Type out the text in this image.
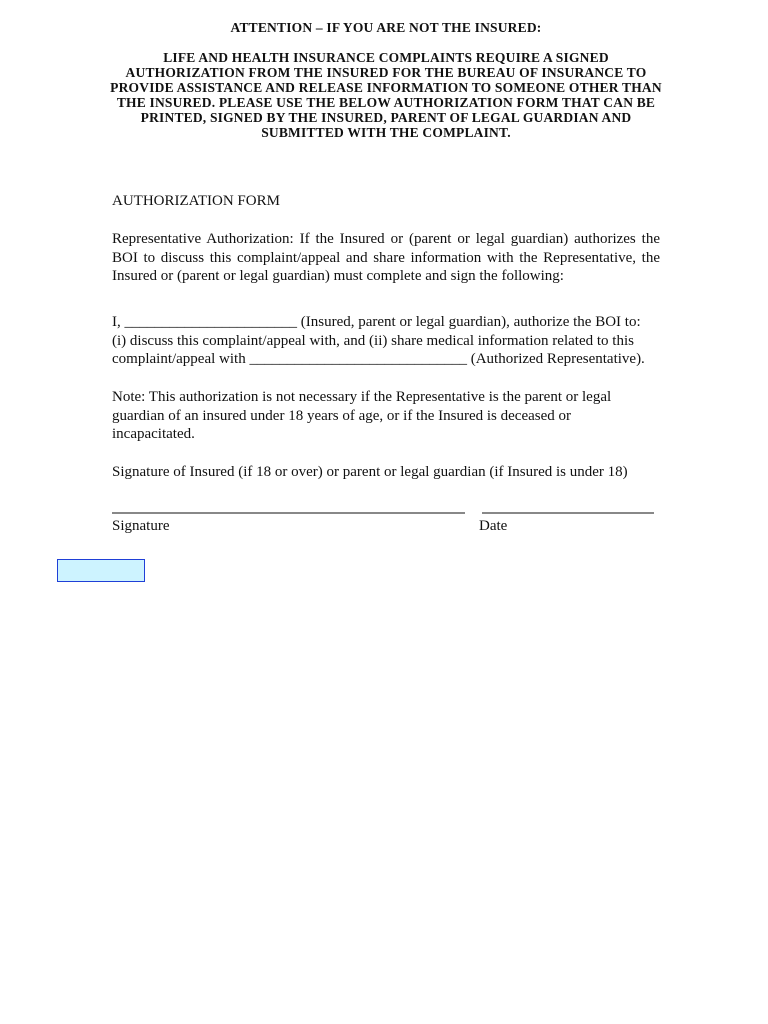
ATTENTION – IF YOU ARE NOT THE INSURED:
LIFE AND HEALTH INSURANCE COMPLAINTS REQUIRE A SIGNED
AUTHORIZATION FROM THE INSURED FOR THE BUREAU OF INSURANCE TO
PROVIDE ASSISTANCE AND RELEASE INFORMATION TO SOMEONE OTHER THAN
THE INSURED. PLEASE USE THE BELOW AUTHORIZATION FORM THAT CAN BE
PRINTED, SIGNED BY THE INSURED, PARENT OF LEGAL GUARDIAN AND
SUBMITTED WITH THE COMPLAINT.
AUTHORIZATION FORM
Representative Authorization: If the Insured or (parent or legal guardian) authorizes the BOI to discuss this complaint/appeal and share information with the Representative, the Insured or (parent or legal guardian) must complete and sign the following:
I, _______________________ (Insured, parent or legal guardian), authorize the BOI to:
(i) discuss this complaint/appeal with, and (ii) share medical information related to this
complaint/appeal with _____________________________ (Authorized Representative).
Note: This authorization is not necessary if the Representative is the parent or legal
guardian of an insured under 18 years of age, or if the Insured is deceased or
incapacitated.
Signature of Insured (if 18 or over) or parent or legal guardian (if Insured is under 18)
Signature	Date
